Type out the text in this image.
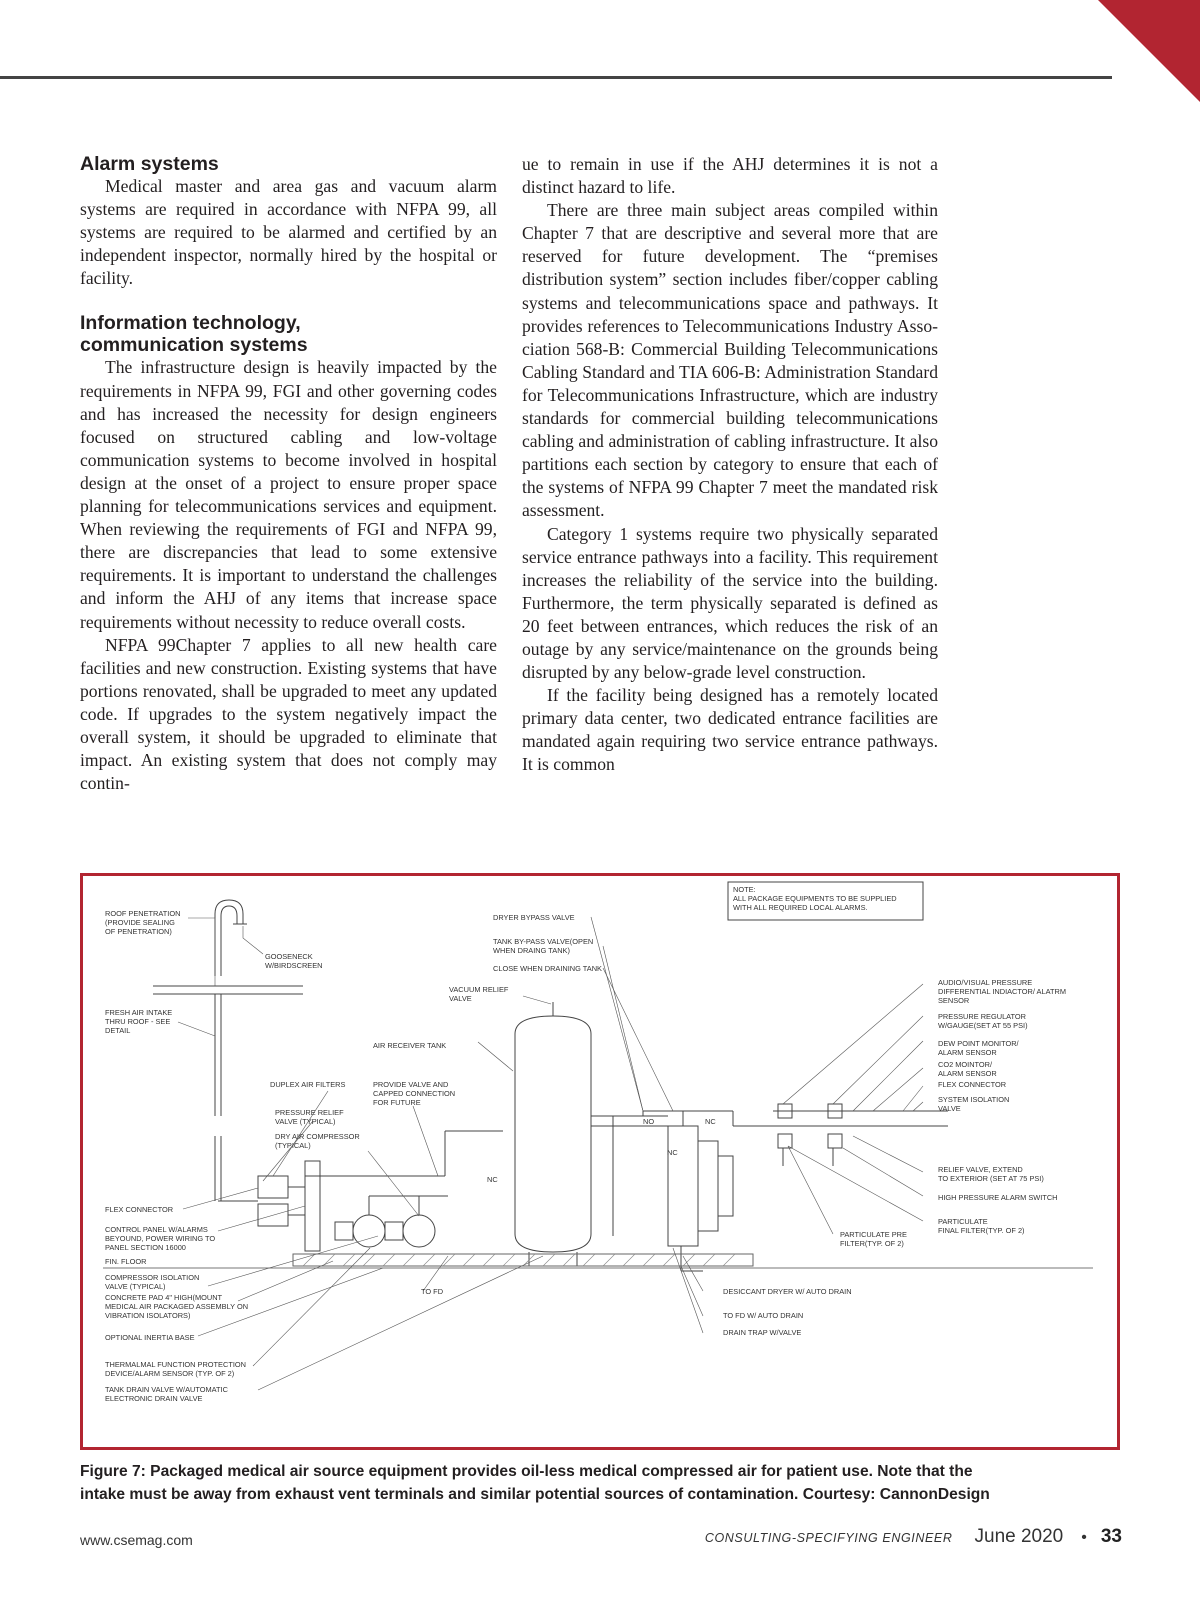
Alarm systems

Medical master and area gas and vacuum alarm systems are required in accordance with NFPA 99, all systems are required to be alarmed and certified by an independent inspector, normally hired by the hospital or facility.

Information technology,
communication systems

The infrastructure design is heavily impacted by the requirements in NFPA 99, FGI and other governing codes and has increased the necessity for design engineers focused on structured cabling and low-voltage communication systems to become involved in hospital design at the onset of a project to ensure proper space planning for telecommunications services and equipment. When reviewing the requirements of FGI and NFPA 99, there are discrepancies that lead to some extensive requirements. It is important to understand the challenges and inform the AHJ of any items that increase space requirements without necessity to reduce overall costs.

NFPA 99Chapter 7 applies to all new health care facilities and new construction. Existing systems that have portions renovated, shall be upgraded to meet any updated code. If upgrades to the system negatively impact the overall system, it should be upgraded to eliminate that impact. An existing system that does not comply may contin-

ue to remain in use if the AHJ determines it is not a distinct hazard to life.

There are three main subject areas compiled within Chapter 7 that are descriptive and several more that are reserved for future development. The “premises distribution system” section includes fiber/copper cabling systems and telecommunications space and pathways. It provides references to Telecommunications Industry Association 568-B: Commercial Building Telecommunications Cabling Standard and TIA 606-B: Administration Standard for Telecommunications Infrastructure, which are industry standards for commercial building telecommunications cabling and administration of cabling infrastructure. It also partitions each section by category to ensure that each of the systems of NFPA 99 Chapter 7 meet the mandated risk assessment.

Category 1 systems require two physically separated service entrance pathways into a facility. This requirement increases the reliability of the service into the building. Furthermore, the term physically separated is defined as 20 feet between entrances, which reduces the risk of an outage by any service/maintenance on the grounds being disrupted by any below-grade level construction.

If the facility being designed has a remotely located primary data center, two dedicated entrance facilities are mandated again requiring two service entrance pathways. It is common

NOTE: ALL PACKAGE EQUIPMENTS TO BE SUPPLIED WITH ALL REQUIRED LOCAL ALARMS.
ROOF PENETRATION (PROVIDE SEALING OF PENETRATION)
GOOSENECK W/BIRDSCREEN
FRESH AIR INTAKE THRU ROOF - SEE DETAIL
DUPLEX AIR FILTERS	PROVIDE VALVE AND CAPPED CONNECTION FOR FUTURE
PRESSURE RELIEF VALVE (TYPICAL)
DRY AIR COMPRESSOR (TYPICAL)
FLEX CONNECTOR
CONTROL PANEL W/ALARMS BEYOUND, POWER WIRING TO PANEL SECTION 16000
FIN. FLOOR
COMPRESSOR ISOLATION VALVE (TYPICAL)
CONCRETE PAD 4" HIGH(MOUNT MEDICAL AIR PACKAGED ASSEMBLY ON VIBRATION ISOLATORS)
OPTIONAL INERTIA BASE
THERMALMAL FUNCTION PROTECTION DEVICE/ALARM SENSOR (TYP. OF 2)
TANK DRAIN VALVE W/AUTOMATIC ELECTRONIC DRAIN VALVE
DRYER BYPASS VALVE
TANK BY-PASS VALVE(OPEN WHEN DRAING TANK)
CLOSE WHEN DRAINING TANK
VACUUM RELIEF VALVE
AIR RECEIVER TANK
TO FD
NO	NC
NC
NC
AUDIO/VISUAL PRESSURE DIFFERENTIAL INDIACTOR/ ALATRM SENSOR
PRESSURE REGULATOR W/GAUGE(SET AT 55 PSI)
DEW POINT MONITOR/ ALARM SENSOR
CO2 MOINTOR/ ALARM SENSOR
FLEX CONNECTOR
SYSTEM ISOLATION VALVE
RELIEF VALVE, EXTEND TO EXTERIOR (SET AT 75 PSI)
HIGH PRESSURE ALARM SWITCH
PARTICULATE FINAL FILTER(TYP. OF 2)
PARTICULATE PRE FILTER(TYP. OF 2)
DESICCANT DRYER W/ AUTO DRAIN
TO FD W/ AUTO DRAIN
DRAIN TRAP W/VALVE
Figure 7: Packaged medical air source equipment provides oil-less medical compressed air for patient use. Note that the
intake must be away from exhaust vent terminals and similar potential sources of contamination. Courtesy: CannonDesign
www.csemag.com	CONSULTING-SPECIFYING ENGINEER June 2020 • 33
